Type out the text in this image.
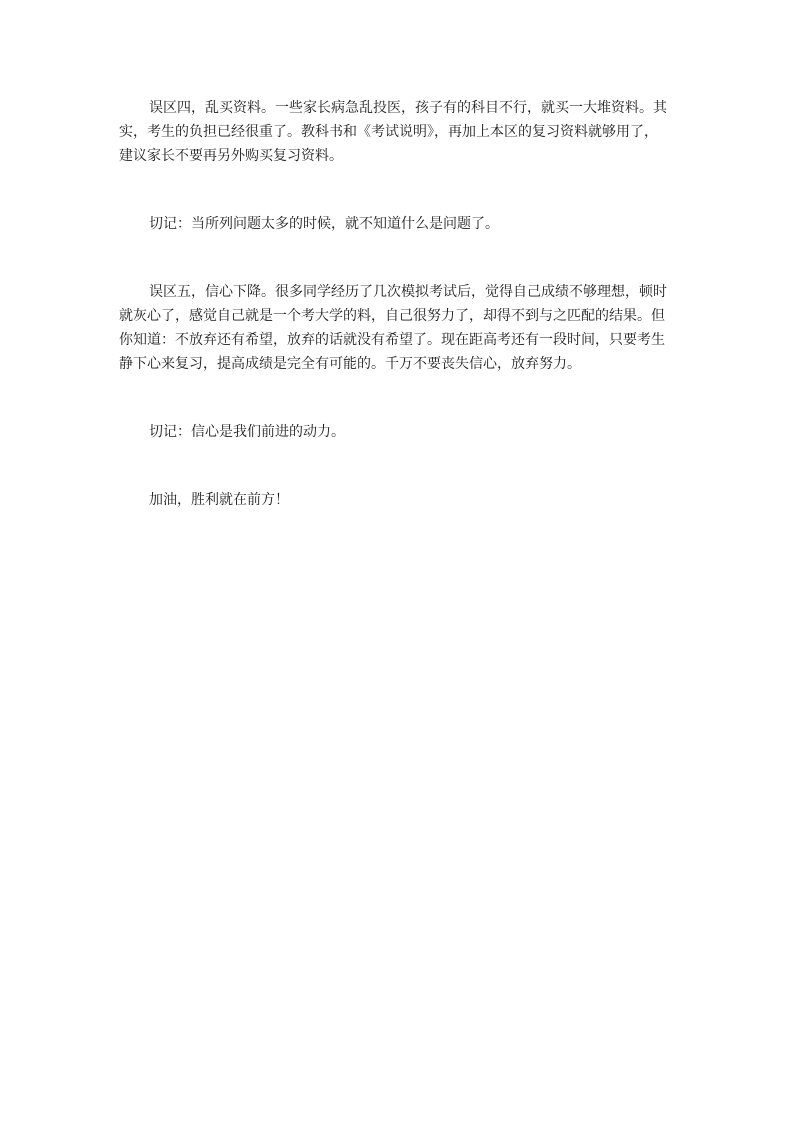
误区四，乱买资料。一些家长病急乱投医，孩子有的科目不行，就买一大堆资料。其实，考生的负担已经很重了。教科书和《考试说明》，再加上本区的复习资料就够用了，建议家长不要再另外购买复习资料。

切记：当所列问题太多的时候，就不知道什么是问题了。

误区五，信心下降。很多同学经历了几次模拟考试后，觉得自己成绩不够理想，顿时就灰心了，感觉自己就是一个考大学的料，自己很努力了，却得不到与之匹配的结果。但你知道：不放弃还有希望，放弃的话就没有希望了。现在距高考还有一段时间，只要考生静下心来复习，提高成绩是完全有可能的。千万不要丧失信心，放弃努力。

切记：信心是我们前进的动力。

加油，胜利就在前方！
